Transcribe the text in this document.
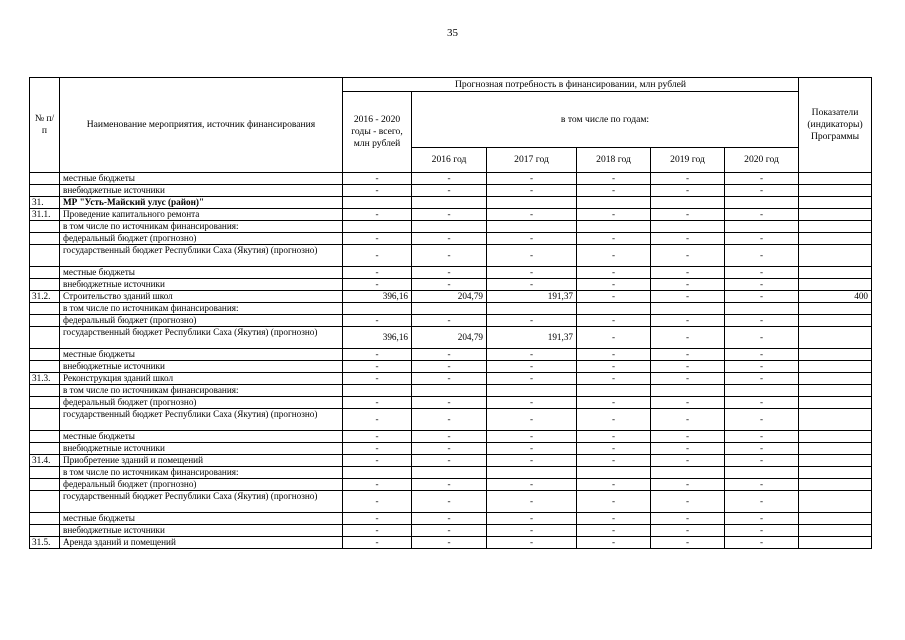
35
№ п/п	Наименование мероприятия, источник финансирования	Прогнозная потребность в финансировании, млн рублей						Показатели (индикаторы) Программы
		2016 - 2020 годы - всего, млн рублей	в том числе по годам:					
			2016 год	2017 год	2018 год	2019 год	2020 год	
	местные бюджеты	-	-	-	-	-	-	
	внебюджетные источники	-	-	-	-	-	-	
31.	МР "Усть-Майский улус (район)"							
31.1.	Проведение капитального ремонта	-	-	-	-	-	-	
	в том числе по источникам финансирования:							
	федеральный бюджет (прогнозно)	-	-	-	-	-	-	
	государственный бюджет Республики Саха (Якутия) (прогнозно)	-	-	-	-	-	-	
	местные бюджеты	-	-	-	-	-	-	
	внебюджетные источники	-	-	-	-	-	-	
31.2.	Строительство зданий школ	396,16	204,79	191,37	-	-	-	400
	в том числе по источникам финансирования:							
	федеральный бюджет (прогнозно)	-	-	-	-	-	-	
	государственный бюджет Республики Саха (Якутия) (прогнозно)	396,16	204,79	191,37	-	-	-	
	местные бюджеты	-	-	-	-	-	-	
	внебюджетные источники	-	-	-	-	-	-	
31.3.	Реконструкция зданий школ	-	-	-	-	-	-	
	в том числе по источникам финансирования:							
	федеральный бюджет (прогнозно)	-	-	-	-	-	-	
	государственный бюджет Республики Саха (Якутия) (прогнозно)	-	-	-	-	-	-	
	местные бюджеты	-	-	-	-	-	-	
	внебюджетные источники	-	-	-	-	-	-	
31.4.	Приобретение зданий и помещений	-	-	-	-	-	-	
	в том числе по источникам финансирования:							
	федеральный бюджет (прогнозно)	-	-	-	-	-	-	
	государственный бюджет Республики Саха (Якутия) (прогнозно)	-	-	-	-	-	-	
	местные бюджеты	-	-	-	-	-	-	
	внебюджетные источники	-	-	-	-	-	-	
31.5.	Аренда зданий и помещений	-	-	-	-	-	-	
